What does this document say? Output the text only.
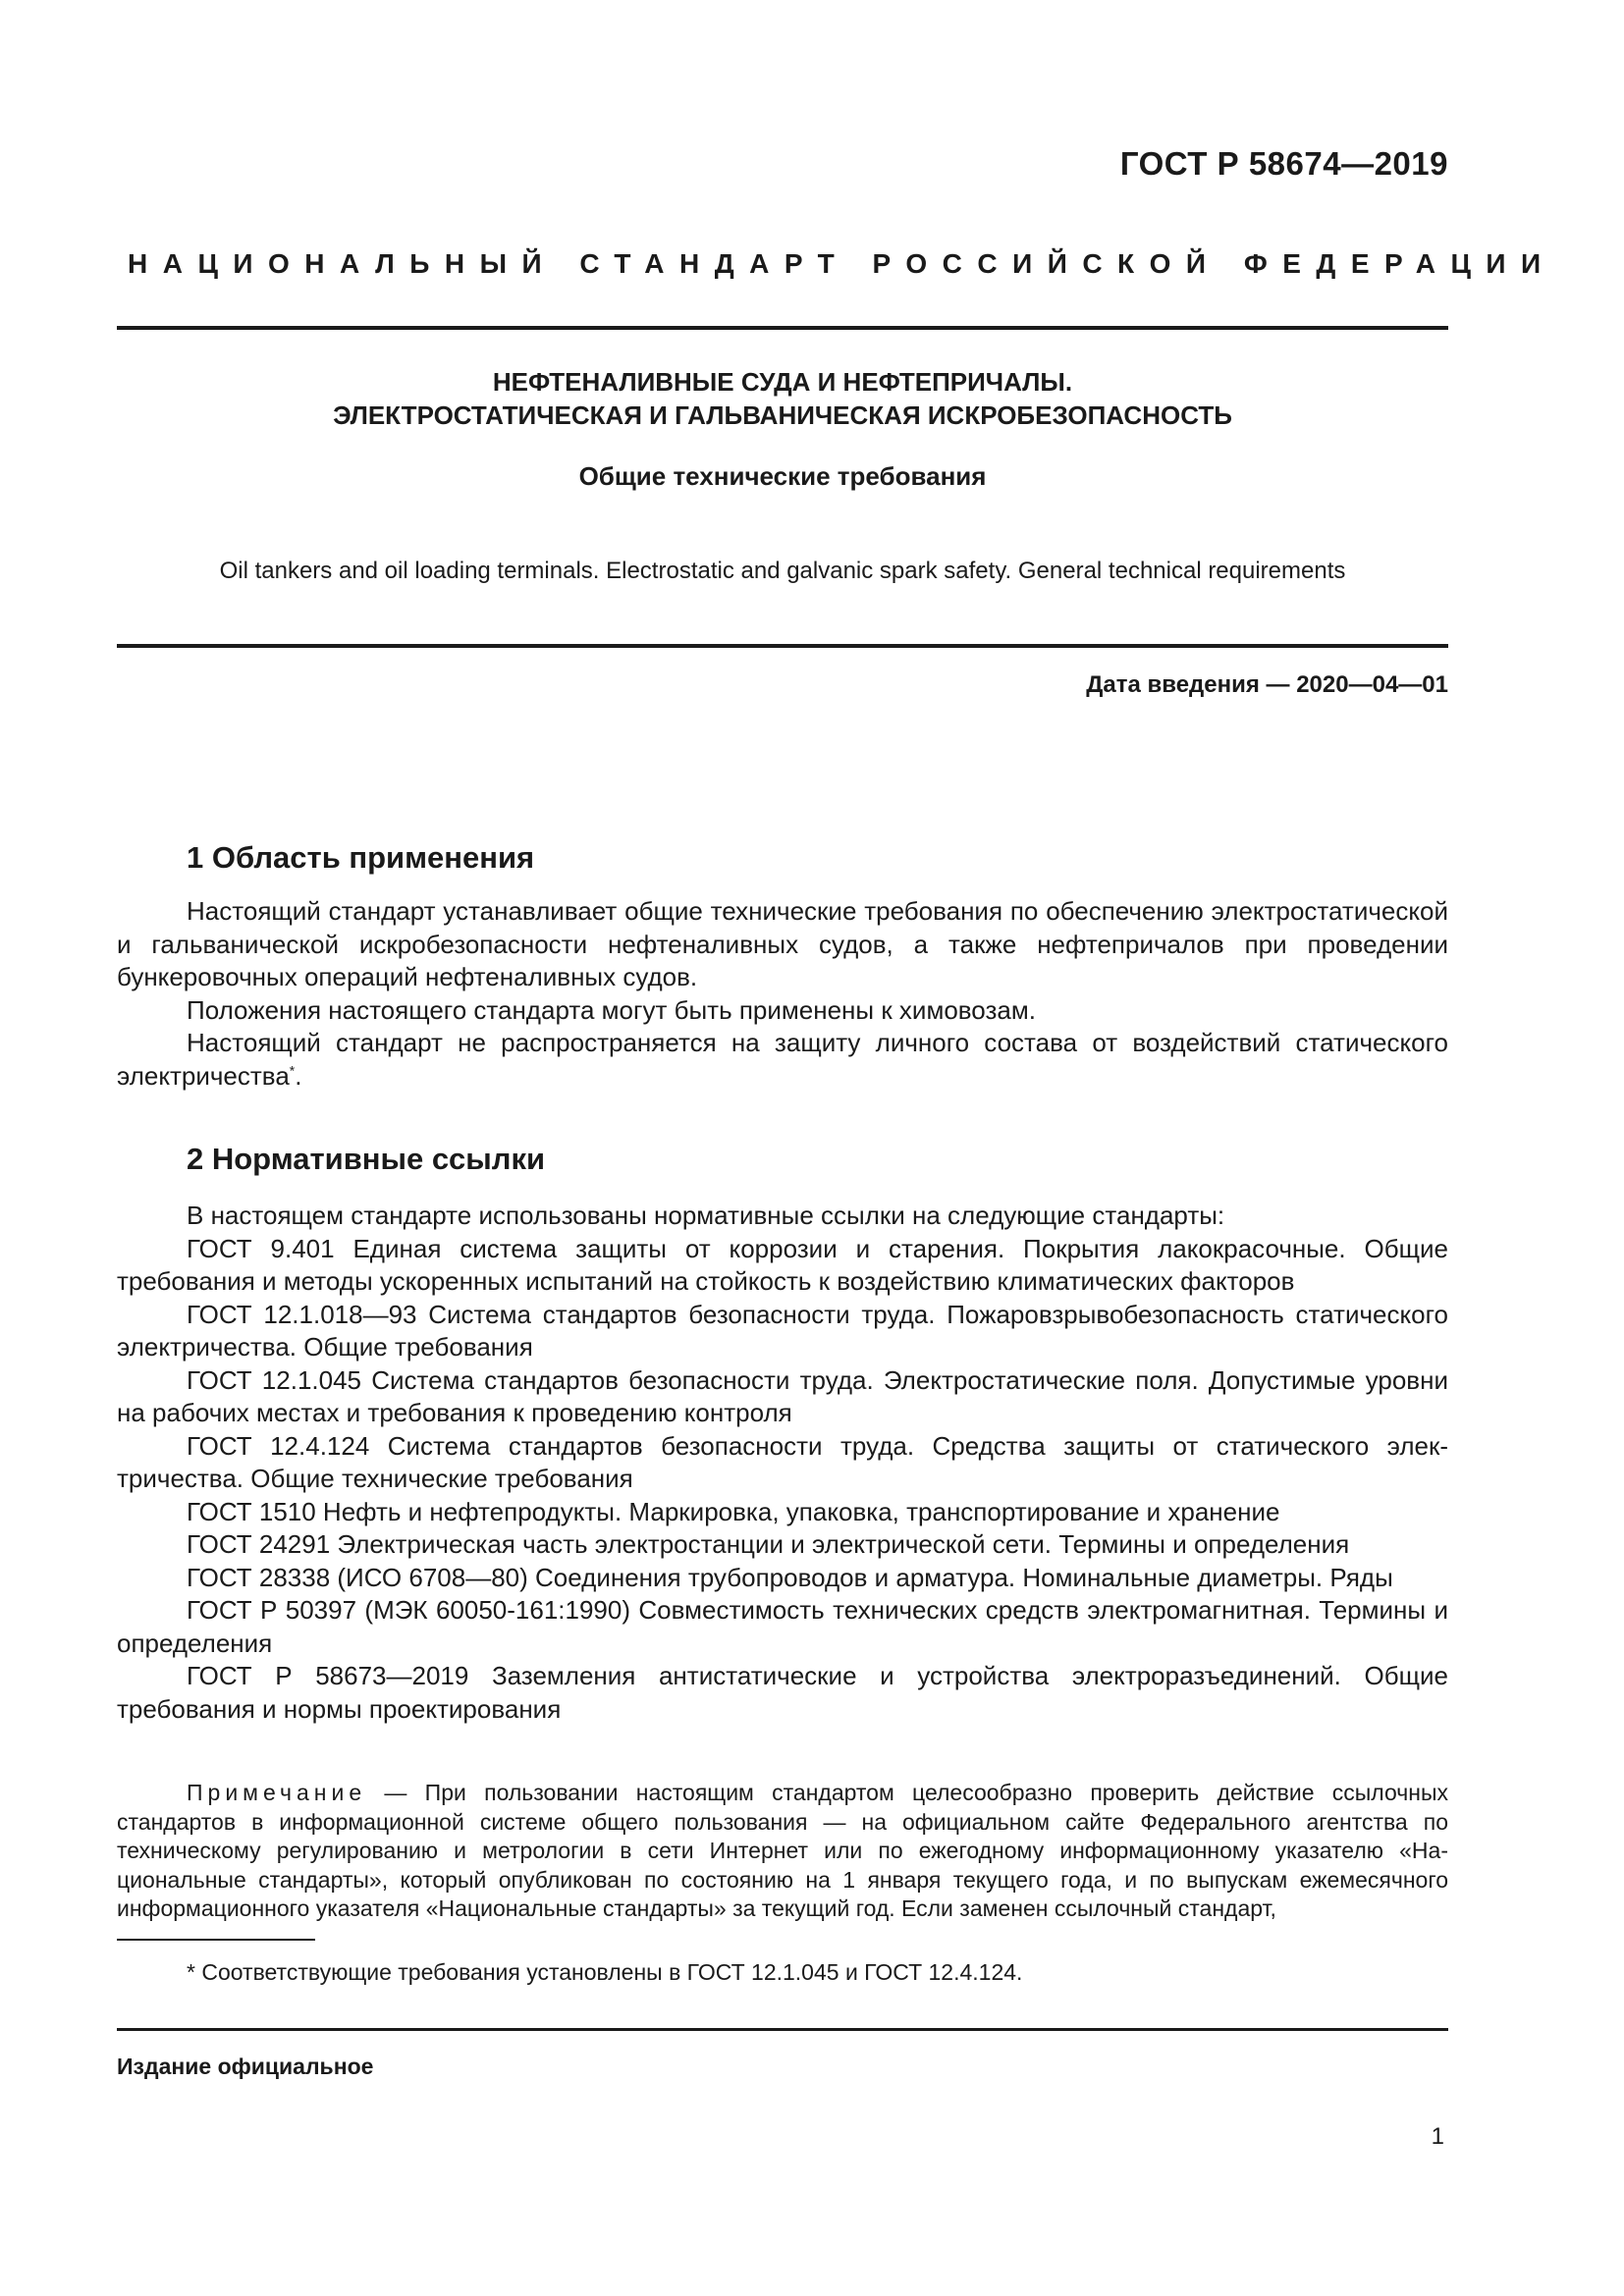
ГОСТ Р 58674—2019
НАЦИОНАЛЬНЫЙ СТАНДАРТ РОССИЙСКОЙ ФЕДЕРАЦИИ
НЕФТЕНАЛИВНЫЕ СУДА И НЕФТЕПРИЧАЛЫ.
ЭЛЕКТРОСТАТИЧЕСКАЯ И ГАЛЬВАНИЧЕСКАЯ ИСКРОБЕЗОПАСНОСТЬ
Общие технические требования
Oil tankers and oil loading terminals. Electrostatic and galvanic spark safety. General technical requirements
Дата введения — 2020—04—01
1 Область применения

Настоящий стандарт устанавливает общие технические требования по обеспечению электростатической и гальванической искробезопасности нефтеналивных судов, а также нефтепричалов при проведении бункеровочных операций нефтеналивных судов.

Положения настоящего стандарта могут быть применены к химовозам.

Настоящий стандарт не распространяется на защиту личного состава от воздействий статического электричества*.

2 Нормативные ссылки

В настоящем стандарте использованы нормативные ссылки на следующие стандарты:

ГОСТ 9.401 Единая система защиты от коррозии и старения. Покрытия лакокрасочные. Общие требования и методы ускоренных испытаний на стойкость к воздействию климатических факторов

ГОСТ 12.1.018—93 Система стандартов безопасности труда. Пожаровзрывобезопасность статического электричества. Общие требования

ГОСТ 12.1.045 Система стандартов безопасности труда. Электростатические поля. Допустимые уровни на рабочих местах и требования к проведению контроля

ГОСТ 12.4.124 Система стандартов безопасности труда. Средства защиты от статического электричества. Общие технические требования

ГОСТ 1510 Нефть и нефтепродукты. Маркировка, упаковка, транспортирование и хранение

ГОСТ 24291 Электрическая часть электростанции и электрической сети. Термины и определения

ГОСТ 28338 (ИСО 6708—80) Соединения трубопроводов и арматура. Номинальные диаметры. Ряды

ГОСТ Р 50397 (МЭК 60050-161:1990) Совместимость технических средств электромагнитная. Термины и определения

ГОСТ Р 58673—2019 Заземления антистатические и устройства электроразъединений. Общие требования и нормы проектирования

Примечание — При пользовании настоящим стандартом целесообразно проверить действие ссылочных стандартов в информационной системе общего пользования — на официальном сайте Федерального агентства по техническому регулированию и метрологии в сети Интернет или по ежегодному информационному указателю «Национальные стандарты», который опубликован по состоянию на 1 января текущего года, и по выпускам ежемесячного информационного указателя «Национальные стандарты» за текущий год. Если заменен ссылочный стандарт,

* Соответствующие требования установлены в ГОСТ 12.1.045 и ГОСТ 12.4.124.
Издание официальное
1
